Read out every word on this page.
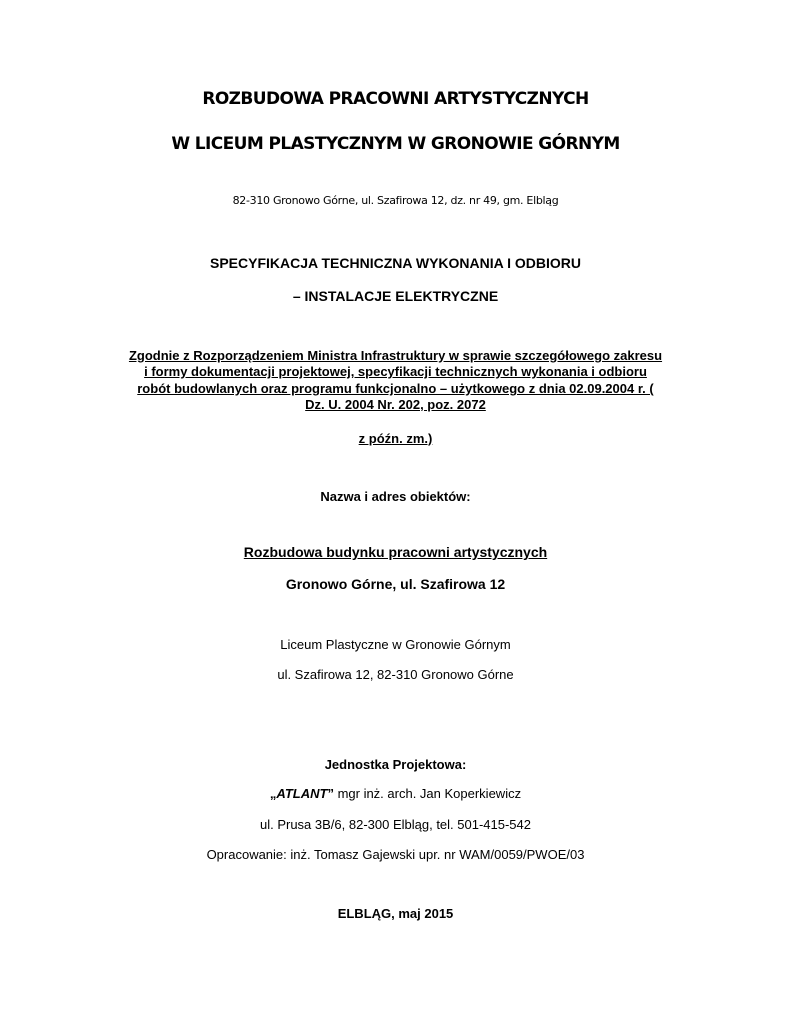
ROZBUDOWA PRACOWNI ARTYSTYCZNYCH
W LICEUM PLASTYCZNYM W GRONOWIE GÓRNYM
82-310 Gronowo Górne, ul. Szafirowa 12, dz. nr 49, gm. Elbląg
SPECYFIKACJA TECHNICZNA WYKONANIA I ODBIORU
– INSTALACJE ELEKTRYCZNE
Zgodnie z Rozporządzeniem Ministra Infrastruktury w sprawie szczegółowego zakresu
i formy dokumentacji projektowej, specyfikacji technicznych wykonania i odbioru
robót budowlanych oraz programu funkcjonalno – użytkowego z dnia 02.09.2004 r. (
Dz. U. 2004 Nr. 202, poz. 2072
z późn. zm.)
Nazwa i adres obiektów:
Rozbudowa budynku pracowni artystycznych
Gronowo Górne, ul. Szafirowa 12
Liceum Plastyczne w Gronowie Górnym
ul. Szafirowa 12, 82-310 Gronowo Górne
Jednostka Projektowa:
„ATLANT” mgr inż. arch. Jan Koperkiewicz
ul. Prusa 3B/6, 82-300 Elbląg, tel. 501-415-542
Opracowanie: inż. Tomasz Gajewski upr. nr WAM/0059/PWOE/03
ELBLĄG, maj 2015
